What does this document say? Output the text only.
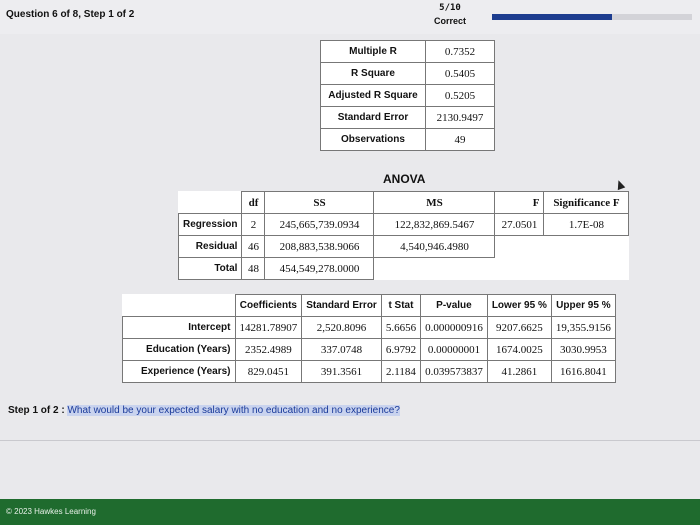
Question 6 of 8, Step 1 of 2
5/10
Correct
Multiple R	0.7352
R Square	0.5405
Adjusted R Square	0.5205
Standard Error	2130.9497
Observations	49
ANOVA
	df	SS	MS	F	Significance F
Regression	2	245,665,739.0934	122,832,869.5467	27.0501	1.7E-08
Residual	46	208,883,538.9066	4,540,946.4980		
Total	48	454,549,278.0000			
	Coefficients	Standard Error	t Stat	P-value	Lower 95 %	Upper 95 %
Intercept	14281.78907	2,520.8096	5.6656	0.000000916	9207.6625	19,355.9156
Education (Years)	2352.4989	337.0748	6.9792	0.00000001	1674.0025	3030.9953
Experience (Years)	829.0451	391.3561	2.1184	0.039573837	41.2861	1616.8041
Step 1 of 2 : What would be your expected salary with no education and no experience?
© 2023 Hawkes Learning
